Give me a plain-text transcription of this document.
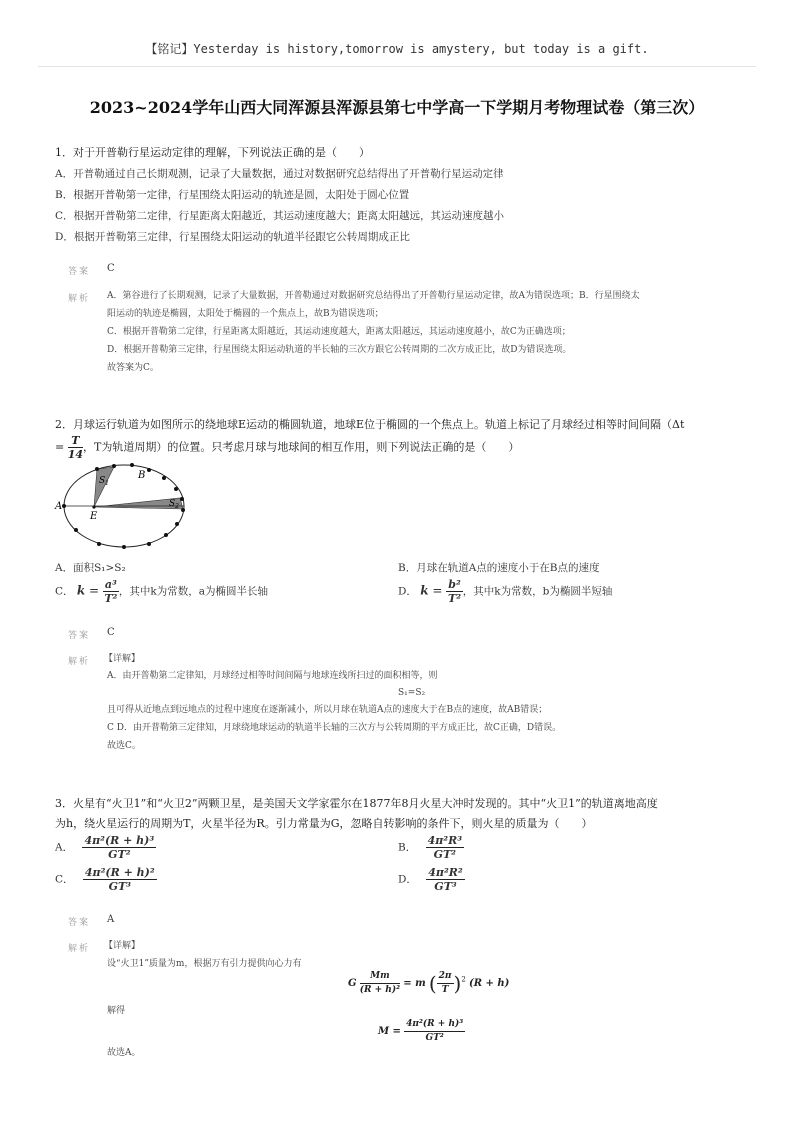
【铭记】Yesterday is history,tomorrow is amystery, but today is a gift.
2023~2024学年山西大同浑源县浑源县第七中学高一下学期月考物理试卷（第三次）
1．对于开普勒行星运动定律的理解，下列说法正确的是（　　）
A．开普勒通过自己长期观测，记录了大量数据，通过对数据研究总结得出了开普勒行星运动定律
B．根据开普勒第一定律，行星围绕太阳运动的轨迹是圆，太阳处于圆心位置
C．根据开普勒第二定律，行星距离太阳越近，其运动速度越大；距离太阳越远，其运动速度越小
D．根据开普勒第三定律，行星围绕太阳运动的轨道半径跟它公转周期成正比
答案 C
解析 A．第谷进行了长期观测，记录了大量数据，开普勒通过对数据研究总结得出了开普勒行星运动定律，故A为错误选项；B．行星围绕太
阳运动的轨迹是椭圆，太阳处于椭圆的一个焦点上，故B为错误选项；
C．根据开普勒第二定律，行星距离太阳越近，其运动速度越大，距离太阳越远，其运动速度越小，故C为正确选项；
D．根据开普勒第三定律，行星围绕太阳运动轨道的半长轴的三次方跟它公转周期的二次方成正比，故D为错误选项。
故答案为C。
2．月球运行轨道为如图所示的绕地球E运动的椭圆轨道，地球E位于椭圆的一个焦点上。轨道上标记了月球经过相等时间间隔（Δt
= $\frac{T}{14}$ ，T为轨道周期）的位置。只考虑月球与地球间的相互作用，则下列说法正确的是（　　）
A
B
E
$S_1$
$S_2$
A．面积S₁>S₂	B．月球在轨道A点的速度小于在B点的速度
C． $k = \frac{\text{a³}}{\text{T²}}$ ，其中k为常数，a为椭圆半长轴	D． $k = \frac{\text{b²}}{\text{T²}}$ ，其中k为常数，b为椭圆半短轴
答案 C
解析 【详解】
A．由开普勒第二定律知，月球经过相等时间间隔与地球连线所扫过的面积相等，则
S₁=S₂
且可得从近地点到远地点的过程中速度在逐渐减小，所以月球在轨道A点的速度大于在B点的速度，故AB错误；
C D．由开普勒第三定律知，月球绕地球运动的轨道半长轴的三次方与公转周期的平方成正比，故C正确，D错误。
故选C。
3．火星有“火卫1”和“火卫2”两颗卫星，是美国天文学家霍尔在1877年8月火星大冲时发现的。其中“火卫1”的轨道离地高度
为h，绕火星运行的周期为T，火星半径为R。引力常量为G，忽略自转影响的条件下，则火星的质量为（　　）
A． $\frac{\text{4π²(R + h)³}}{\text{GT²}}$	B． $\frac{\text{4π²R³}}{\text{GT²}}$
C． $\frac{\text{4π²(R + h)²}}{\text{GT³}}$	D． $\frac{\text{4π²R²}}{\text{GT³}}$
答案 A
解析 【详解】
设“火卫1”质量为m，根据万有引力提供向心力有
G $\frac{Mm}{\text{(R + h)²}} = m$ ( $\frac{2\pi}{T} )^2$ (R + h)
解得
$M = \frac{\text{4π²(R + h)³}}{\text{GT²}}$
故选A。
